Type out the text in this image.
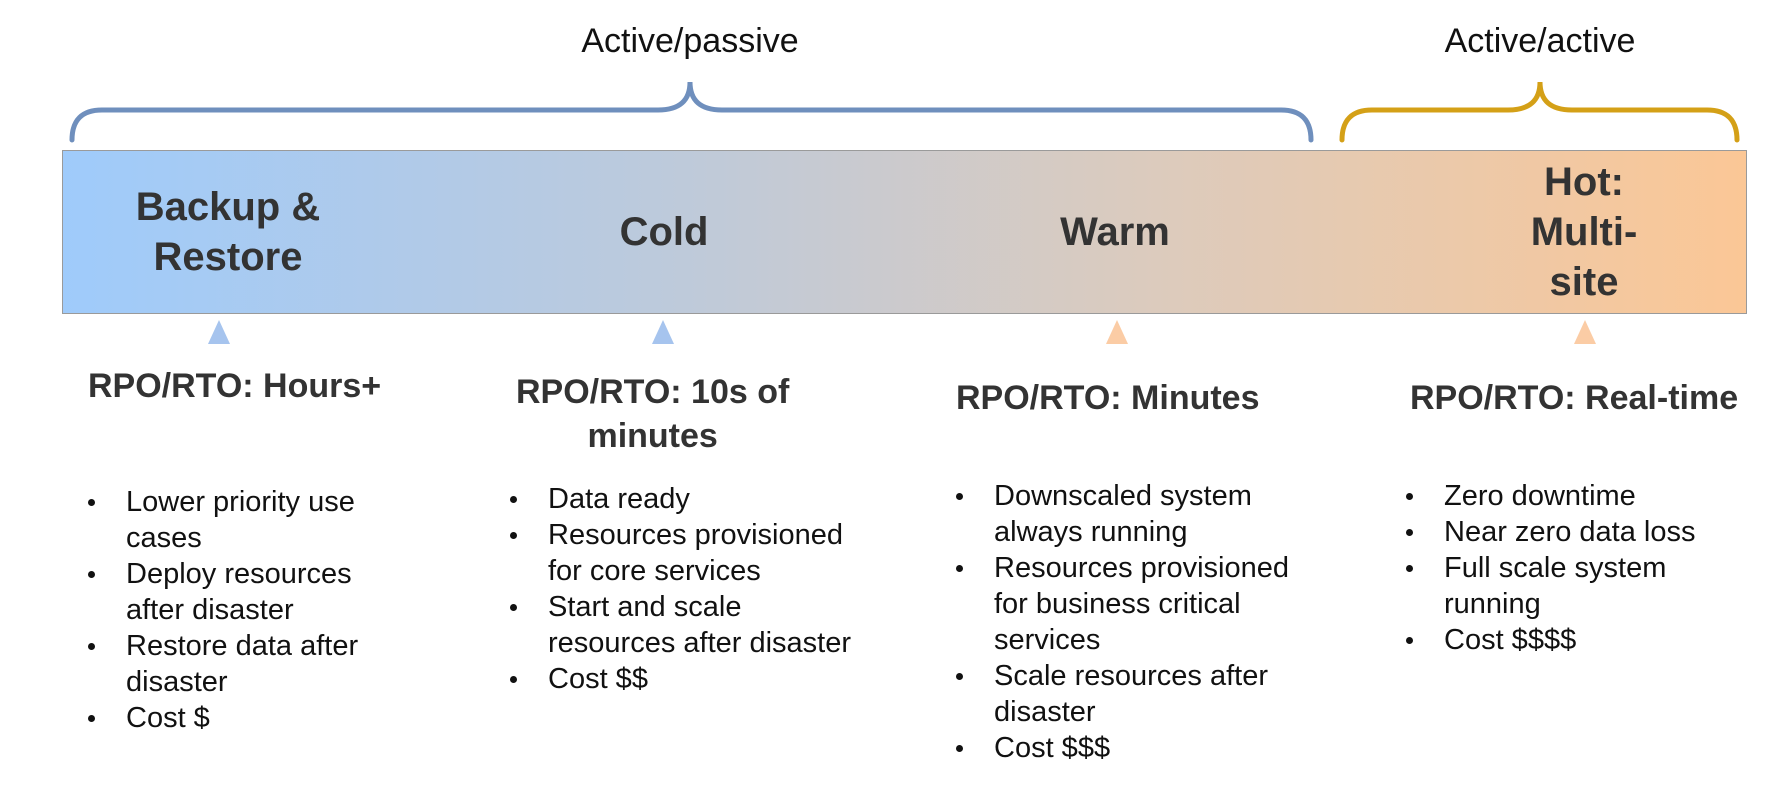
Active/passive	Active/active
Backup &
Restore
Cold	Warm
Hot:
Multi-site
RPO/RTO: Hours+
Lower priority use
cases
Deploy resources
after disaster
Restore data after
disaster
Cost $
RPO/RTO: 10s of
minutes
Data ready
Resources provisioned
for core services
Start and scale
resources after disaster
Cost $$
RPO/RTO: Minutes
Downscaled system
always running
Resources provisioned
for business critical
services
Scale resources after
disaster
Cost $$$
RPO/RTO: Real-time
Zero downtime
Near zero data loss
Full scale system
running
Cost $$$$
